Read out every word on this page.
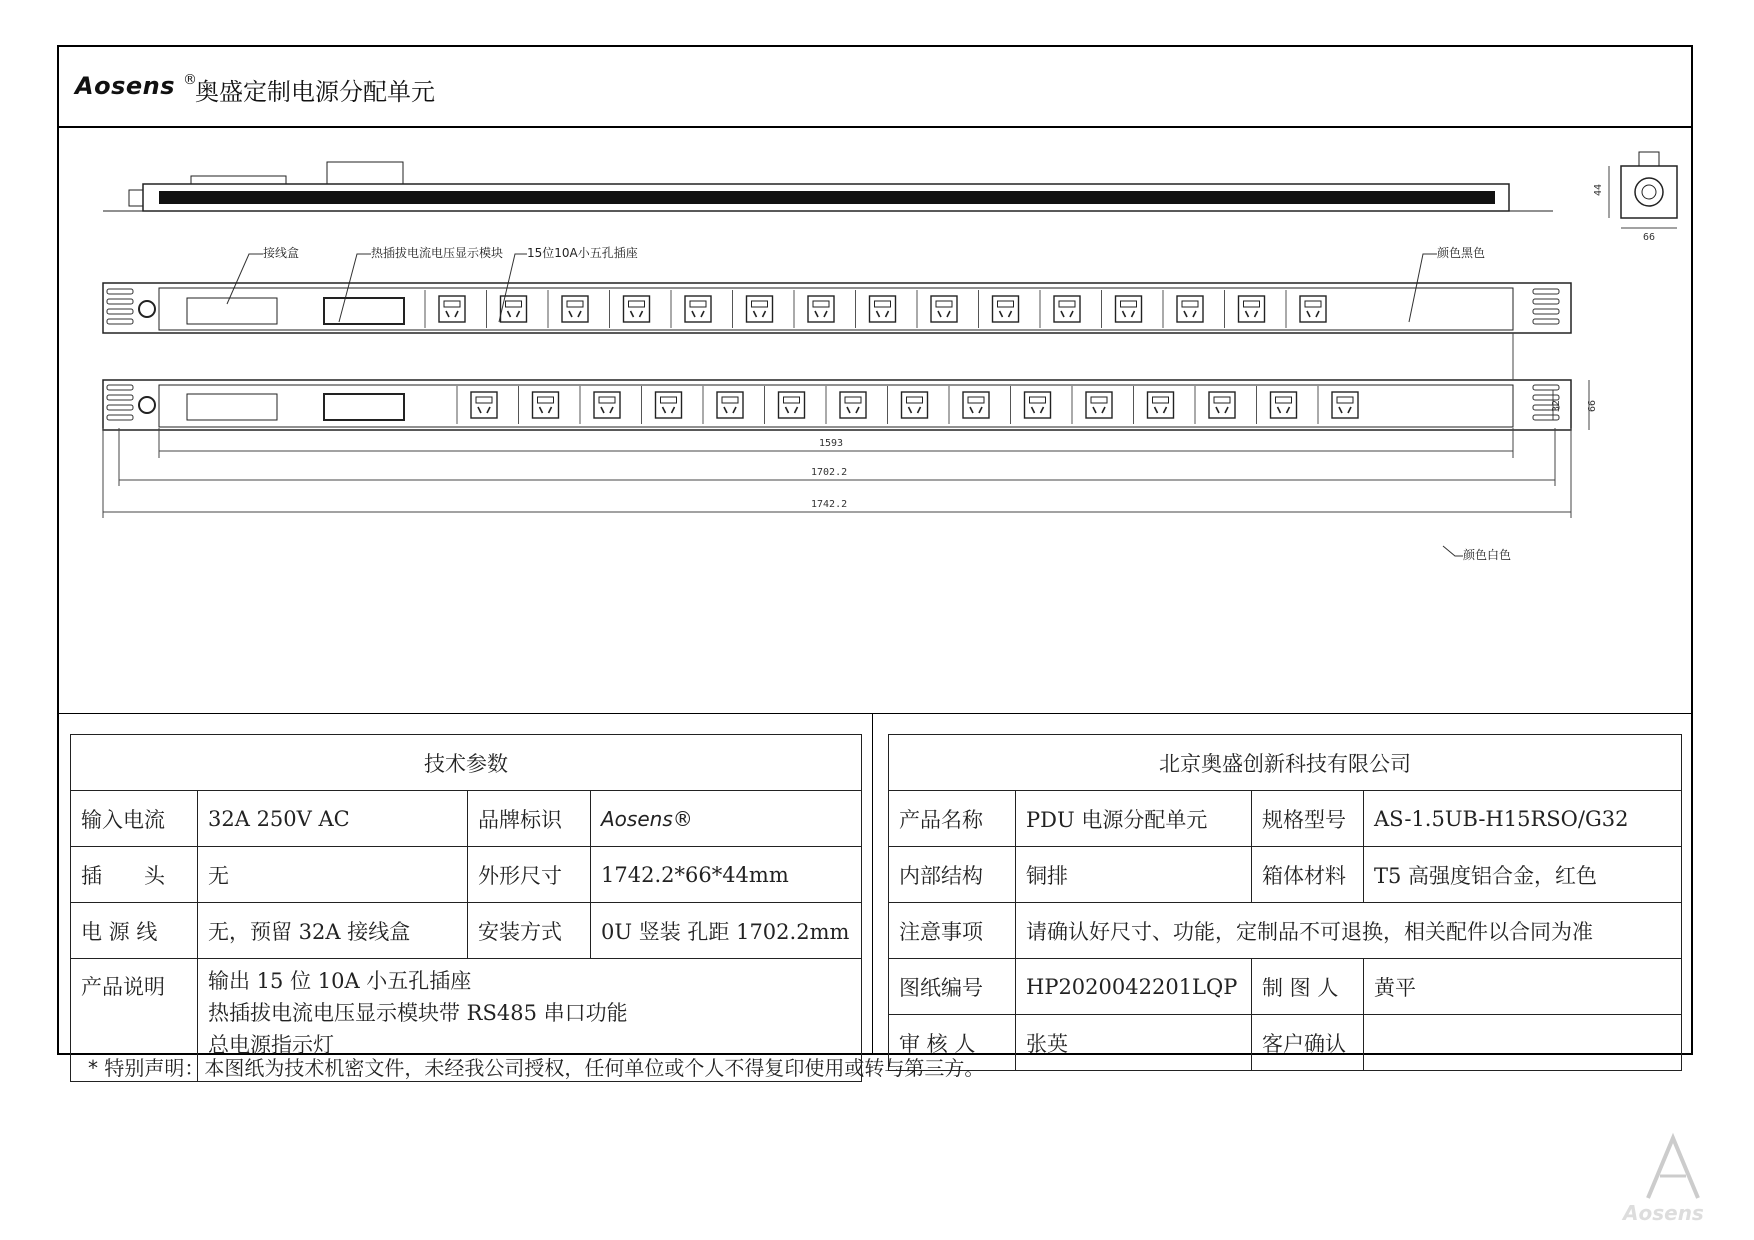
Aosens ®
奥盛定制电源分配单元
44
66
接线盒	热插拔电流电压显示模块 15位10A小五孔插座	颜色黑色
颜色白色
32	66
1593
1702.2
1742.2
技术参数			
输入电流	32A 250V AC	品牌标识	Aosens®
插　　头	无	外形尺寸	1742.2*66*44mm
电 源 线	无，预留 32A 接线盒	安装方式	0U 竖装 孔距 1702.2mm
产品说明	输出 15 位 10A 小五孔插座
热插拔电流电压显示模块带 RS485 串口功能
总电源指示灯		
北京奥盛创新科技有限公司			
产品名称	PDU 电源分配单元	规格型号	AS-1.5UB-H15RSO/G32
内部结构	铜排	箱体材料	T5 高强度铝合金，红色
注意事项	请确认好尺寸、功能，定制品不可退换，相关配件以合同为准		
图纸编号	HP2020042201LQP	制 图 人	黄平
审 核 人	张英	客户确认	
* 特别声明：本图纸为技术机密文件，未经我公司授权，任何单位或个人不得复印使用或转与第三方。
Aosens
